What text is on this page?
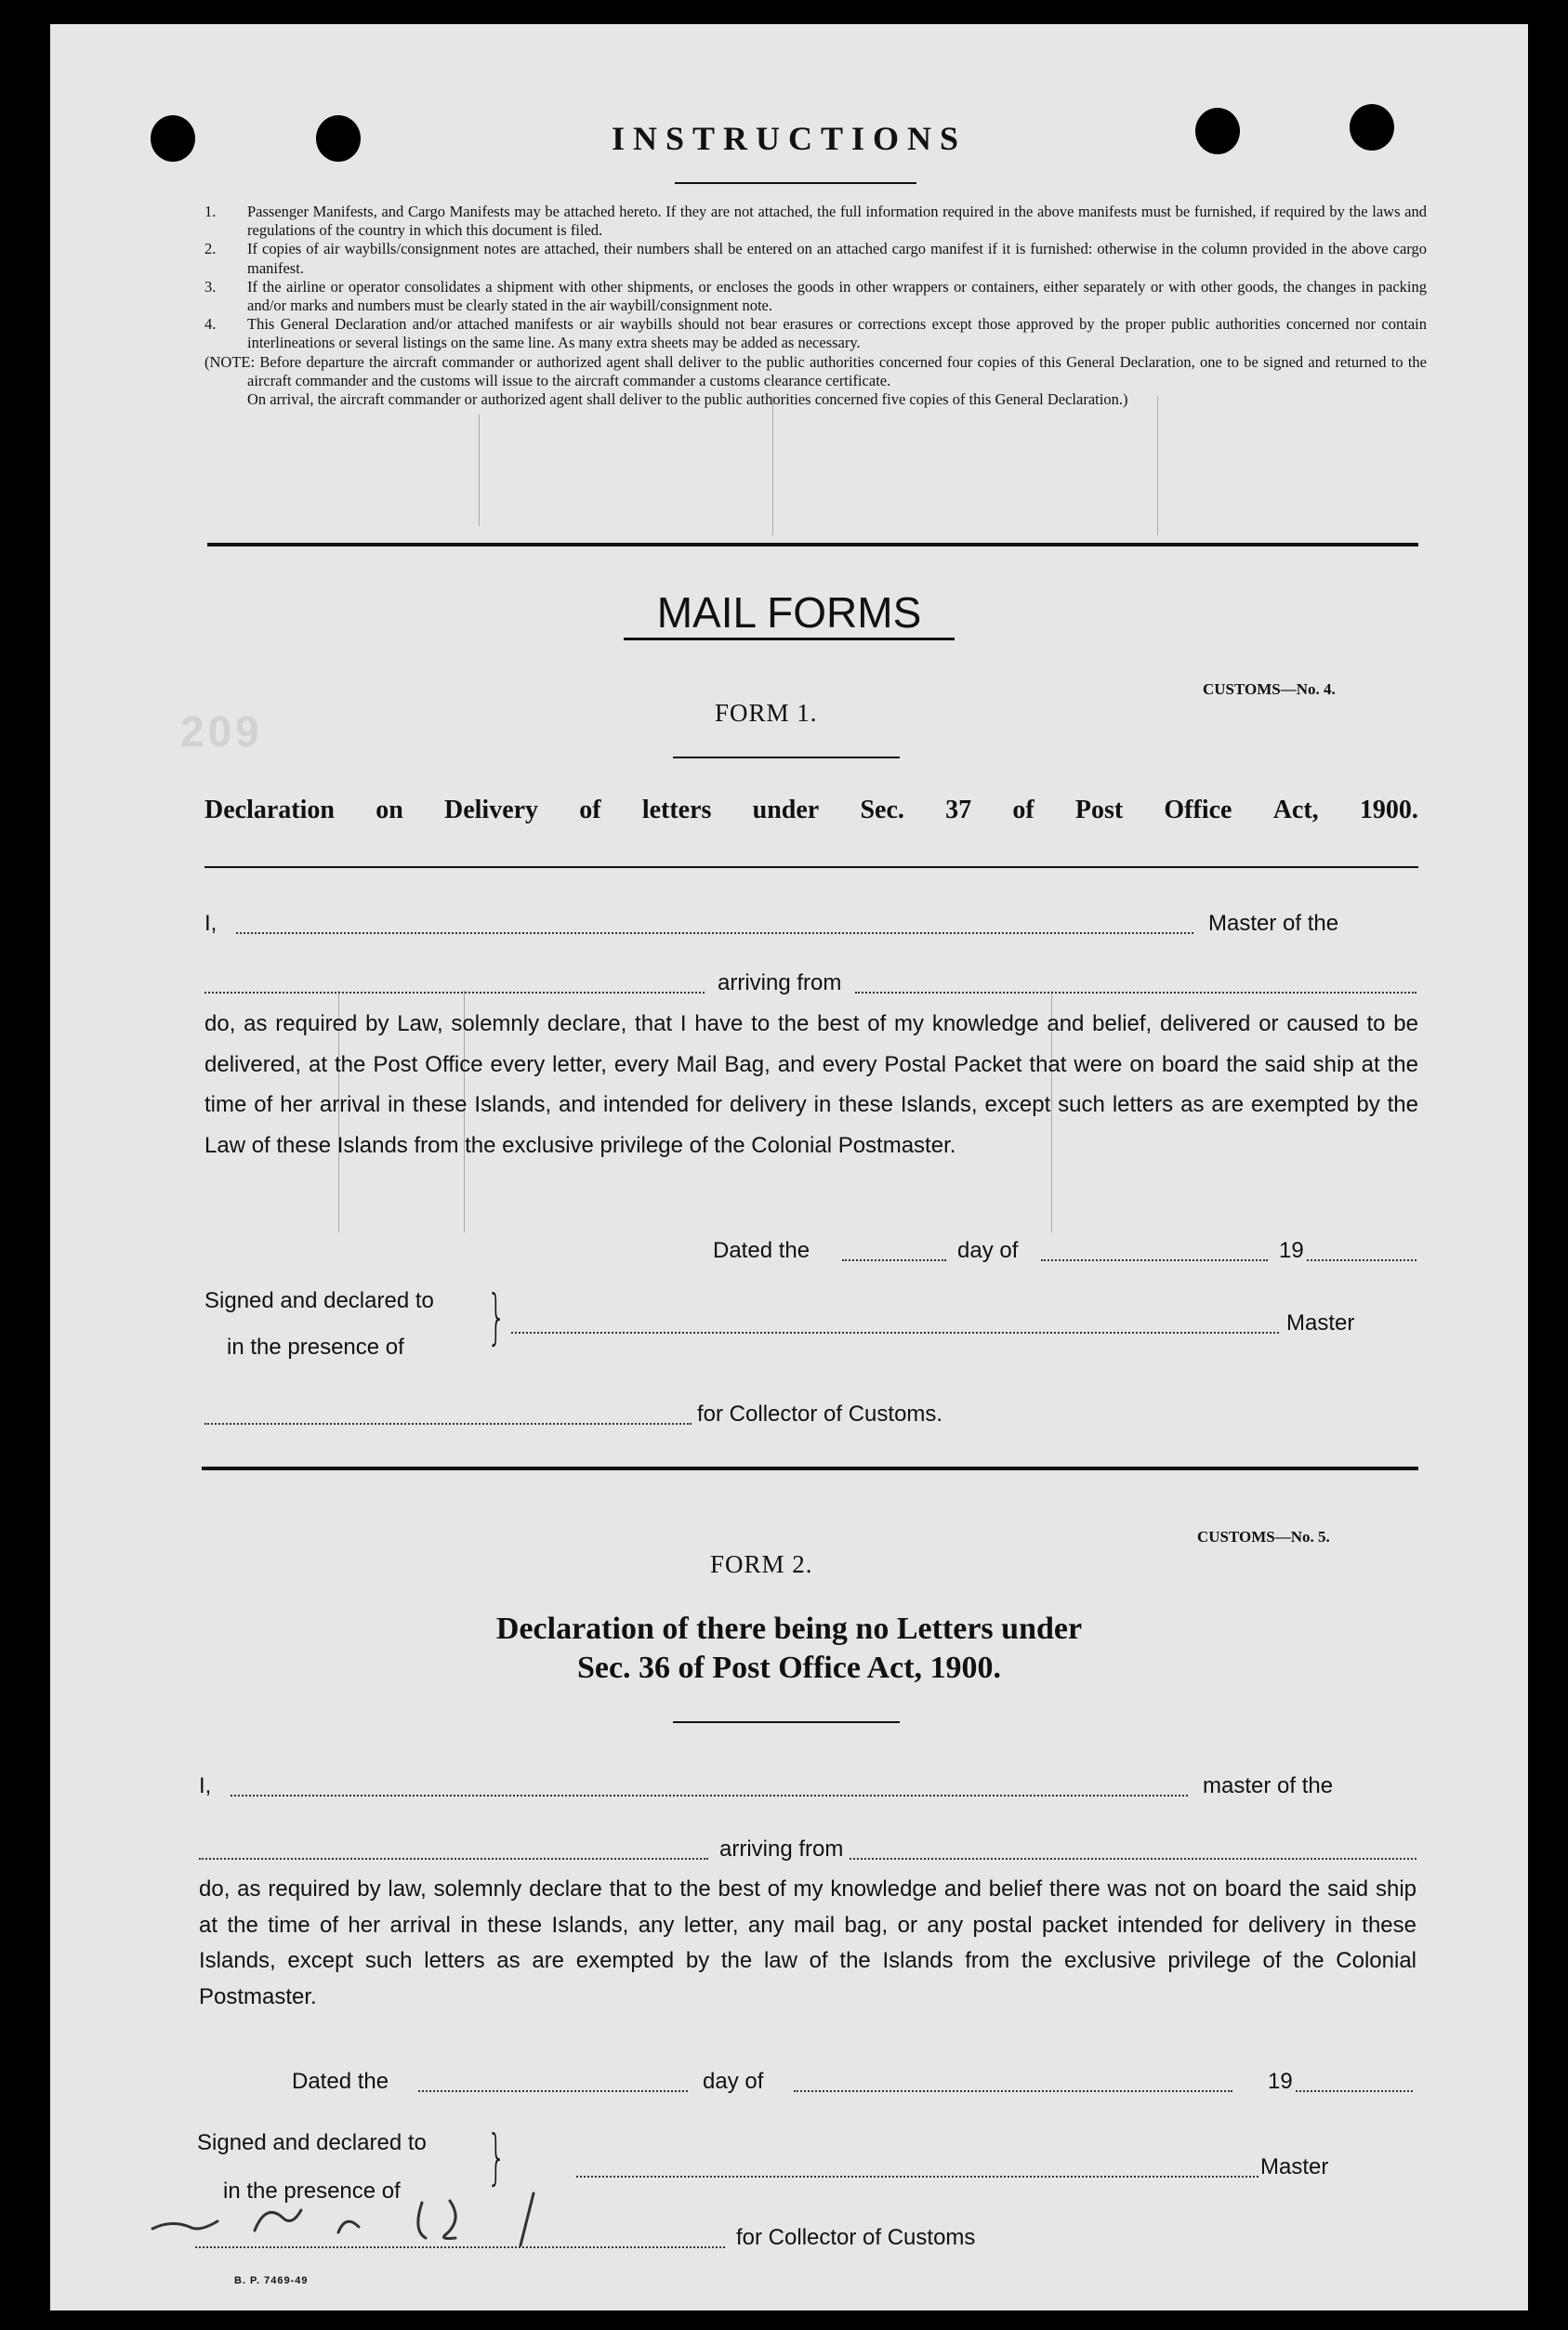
209
INSTRUCTIONS
1. Passenger Manifests, and Cargo Manifests may be attached hereto. If they are not attached, the full information required in the above manifests must be furnished, if required by the laws and regulations of the country in which this document is filed.
2. If copies of air waybills/consignment notes are attached, their numbers shall be entered on an attached cargo manifest if it is furnished: otherwise in the column provided in the above cargo manifest.
3. If the airline or operator consolidates a shipment with other shipments, or encloses the goods in other wrappers or containers, either separately or with other goods, the changes in packing and/or marks and numbers must be clearly stated in the air waybill/consignment note.
4. This General Declaration and/or attached manifests or air waybills should not bear erasures or corrections except those approved by the proper public authorities concerned nor contain interlineations or several listings on the same line. As many extra sheets may be added as necessary.
(NOTE: Before departure the aircraft commander or authorized agent shall deliver to the public authorities concerned four copies of this General Declaration, one to be signed and returned to the aircraft commander and the customs will issue to the aircraft commander a customs clearance certificate.
On arrival, the aircraft commander or authorized agent shall deliver to the public authorities concerned five copies of this General Declaration.)
MAIL FORMS
CUSTOMS—No. 4.
FORM 1.
Declaration on Delivery of letters under Sec. 37 of Post Office Act, 1900.
I,	Master of the
arriving from
do, as required by Law, solemnly declare, that I have to the best of my knowledge and belief, delivered or caused to be delivered, at the Post Office every letter, every Mail Bag, and every Postal Packet that were on board the said ship at the time of her arrival in these Islands, and intended for delivery in these Islands, except such letters as are exempted by the Law of these Islands from the exclusive privilege of the Colonial Postmaster.
Dated the	day of	19
Signed and declared to
in the presence of }	Master
for Collector of Customs.
CUSTOMS—No. 5.
FORM 2.
Declaration of there being no Letters under
Sec. 36 of Post Office Act, 1900.
I,	master of the
arriving from
do, as required by law, solemnly declare that to the best of my knowledge and belief there was not on board the said ship at the time of her arrival in these Islands, any letter, any mail bag, or any postal packet intended for delivery in these Islands, except such letters as are exempted by the law of the Islands from the exclusive privilege of the Colonial Postmaster.
Dated the	day of	19
Signed and declared to
in the presence of }	Master
for Collector of Customs
B. P. 7469-49
